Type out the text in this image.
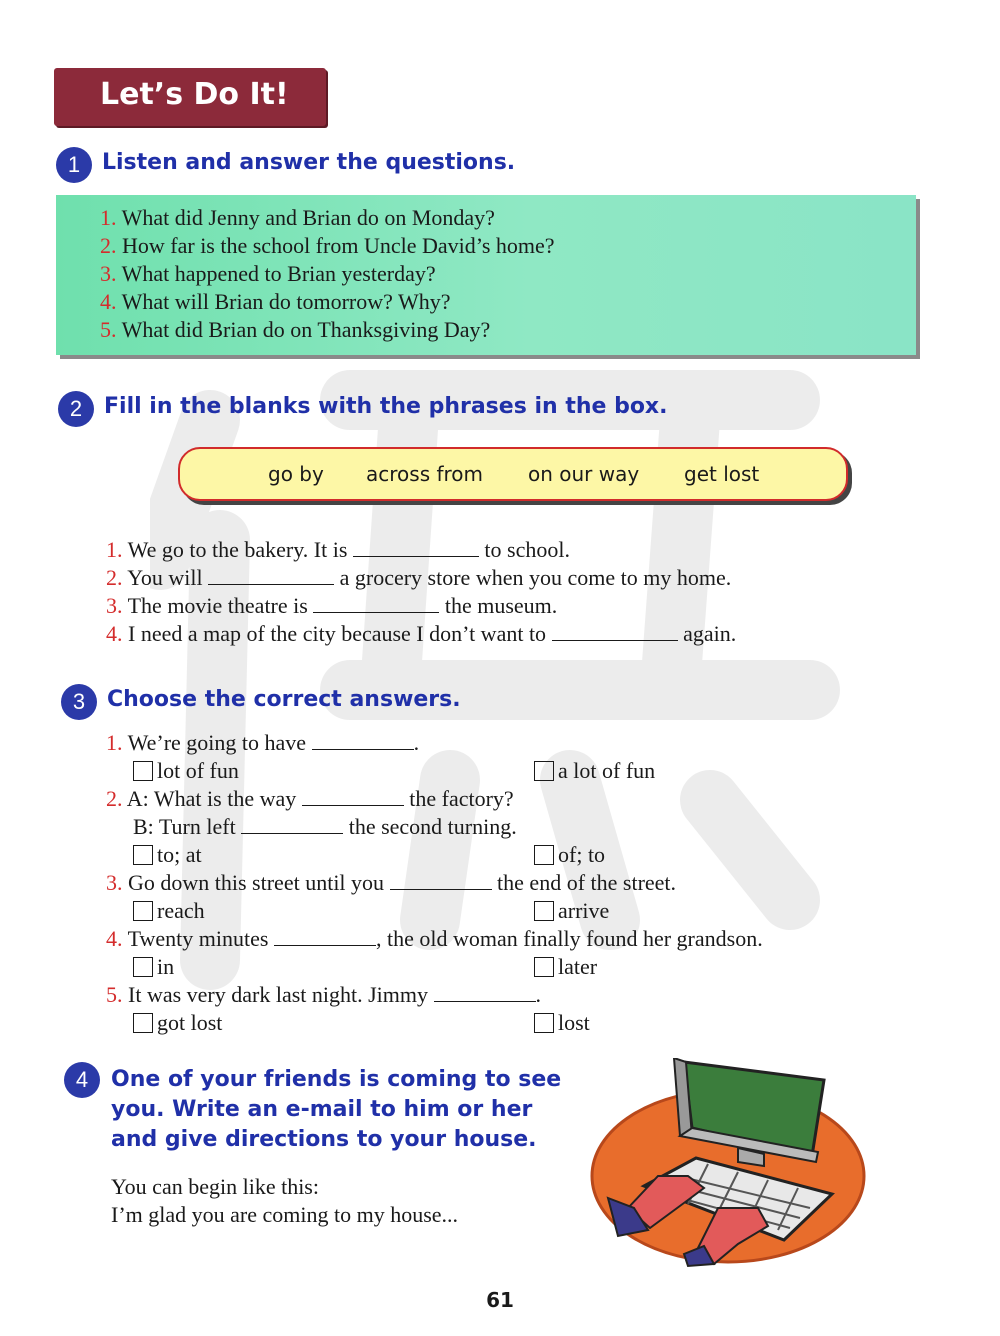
Let’s Do It!
1 Listen and answer the questions.
1. What did Jenny and Brian do on Monday?
2. How far is the school from Uncle David’s home?
3. What happened to Brian yesterday?
4. What will Brian do tomorrow? Why?
5. What did Brian do on Thanksgiving Day?
2 Fill in the blanks with the phrases in the box.
go by across from on our way get lost
1. We go to the bakery. It is	to school.
2. You will	a grocery store when you come to my home.
3. The movie theatre is	the museum.
4. I need a map of the city because I don’t want to	again.
3 Choose the correct answers.
1. We’re going to have	.
lot of fun	a lot of fun
2. A: What is the way	the factory?
B: Turn left	the second turning.
to; at	of; to
3. Go down this street until you	the end of the street.
reach	arrive
4. Twenty minutes	, the old woman finally found her grandson.
in	later
5. It was very dark last night. Jimmy	.
got lost	lost
4	One of your friends is coming to see
you. Write an e-mail to him or her
and give directions to your house.
You can begin like this:
I’m glad you are coming to my house...
61
